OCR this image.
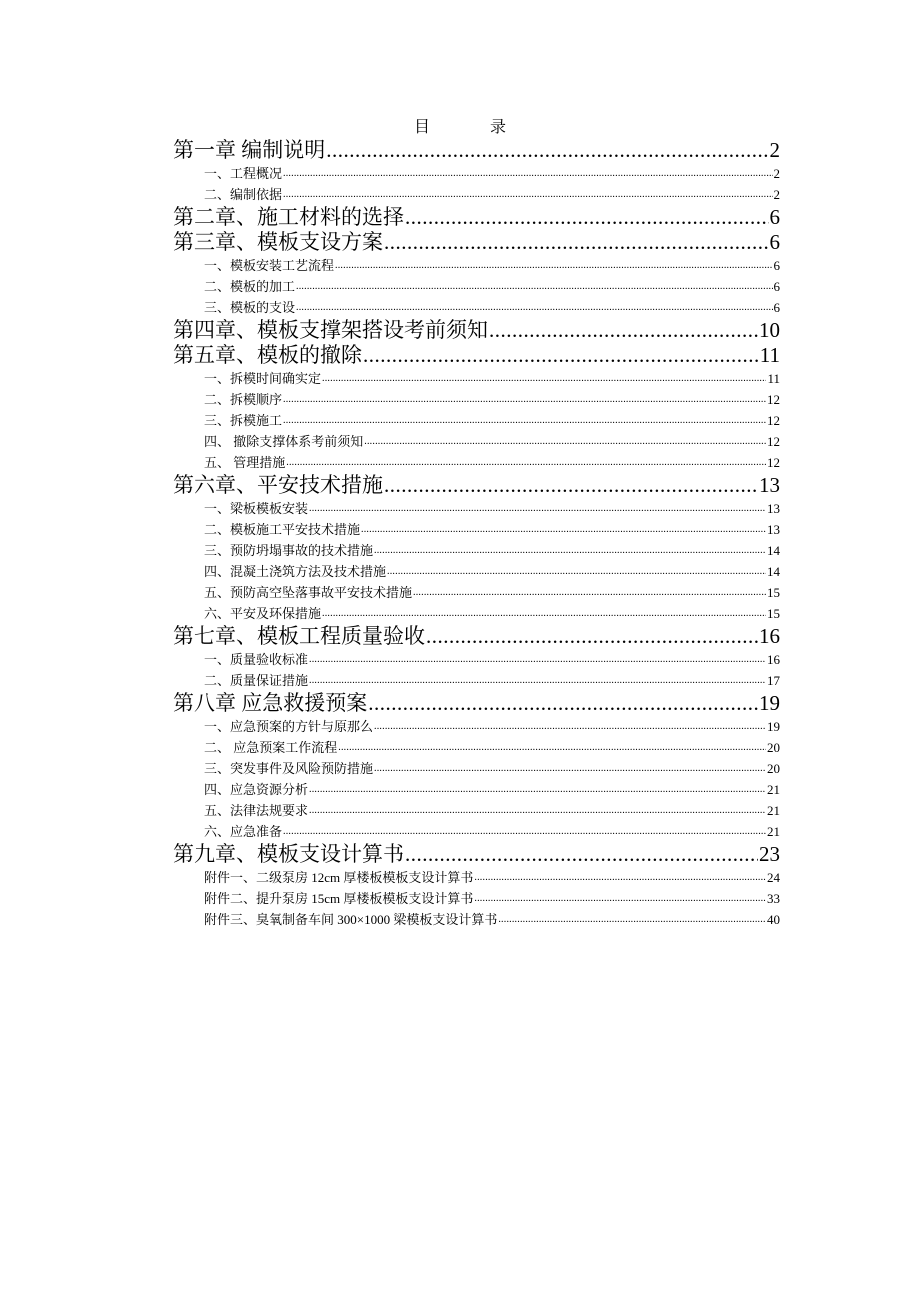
目 录
第一章 编制说明 .....	2
一、工程概况 .....	2
二、编制依据 .....	2
第二章、施工材料的选择 .....	6
第三章、模板支设方案 .....	6
一、模板安装工艺流程 .....	6
二、模板的加工 .....	6
三、模板的支设 .....	6
第四章、模板支撑架搭设考前须知 .....	10
第五章、模板的撤除 .....	11
一、拆模时间确实定 .....	11
二、拆模顺序 .....	12
三、拆模施工 .....	12
四、 撤除支撑体系考前须知 .....	12
五、 管理措施 .....	12
第六章、平安技术措施 .....	13
一、梁板模板安装 .....	13
二、模板施工平安技术措施 .....	13
三、预防坍塌事故的技术措施 .....	14
四、混凝土浇筑方法及技术措施 .....	14
五、预防高空坠落事故平安技术措施 .....	15
六、平安及环保措施 .....	15
第七章、模板工程质量验收 .....	16
一、质量验收标准 .....	16
二、质量保证措施 .....	17
第八章 应急救援预案 .....	19
一、应急预案的方针与原那么 .....	19
二、 应急预案工作流程 .....	20
三、突发事件及风险预防措施 .....	20
四、应急资源分析 .....	21
五、法律法规要求 .....	21
六、应急准备 .....	21
第九章、模板支设计算书 .....	23
附件一、二级泵房 12cm 厚楼板模板支设计算书 .....	24
附件二、提升泵房 15cm 厚楼板模板支设计算书 .....	33
附件三、臭氧制备车间 300×1000 梁模板支设计算书 .....	40
